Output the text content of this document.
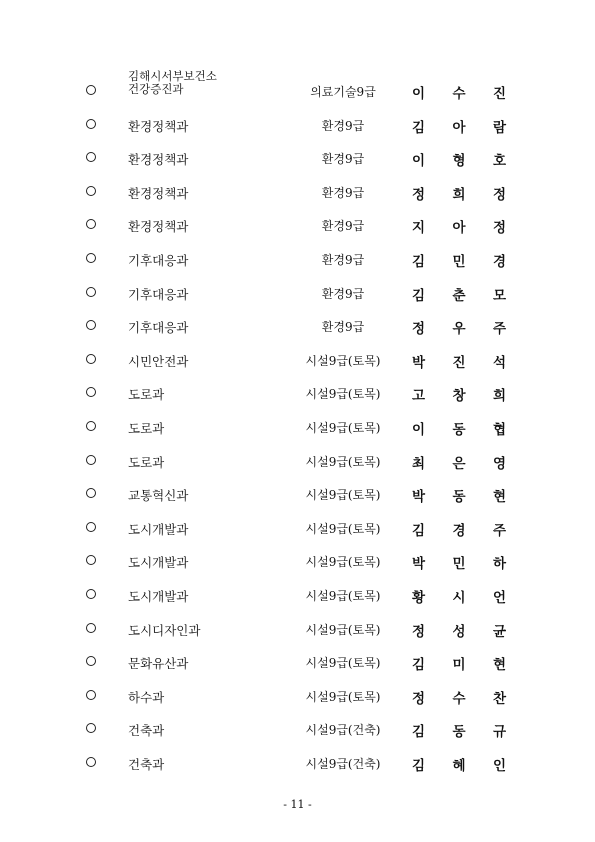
김해시서부보건소
건강증진과	의료기술9급	이 수 진
환경정책과	환경9급	김 아 람
환경정책과	환경9급	이 형 호
환경정책과	환경9급	정 희 정
환경정책과	환경9급	지 아 정
기후대응과	환경9급	김 민 경
기후대응과	환경9급	김 춘 모
기후대응과	환경9급	정 우 주
시민안전과	시설9급(토목)	박 진 석
도로과	시설9급(토목)	고 창 희
도로과	시설9급(토목)	이 동 협
도로과	시설9급(토목)	최 은 영
교통혁신과	시설9급(토목)	박 동 현
도시개발과	시설9급(토목)	김 경 주
도시개발과	시설9급(토목)	박 민 하
도시개발과	시설9급(토목)	황 시 언
도시디자인과	시설9급(토목)	정 성 균
문화유산과	시설9급(토목)	김 미 현
하수과	시설9급(토목)	정 수 찬
건축과	시설9급(건축)	김 동 규
건축과	시설9급(건축)	김 혜 인
- 11 -
